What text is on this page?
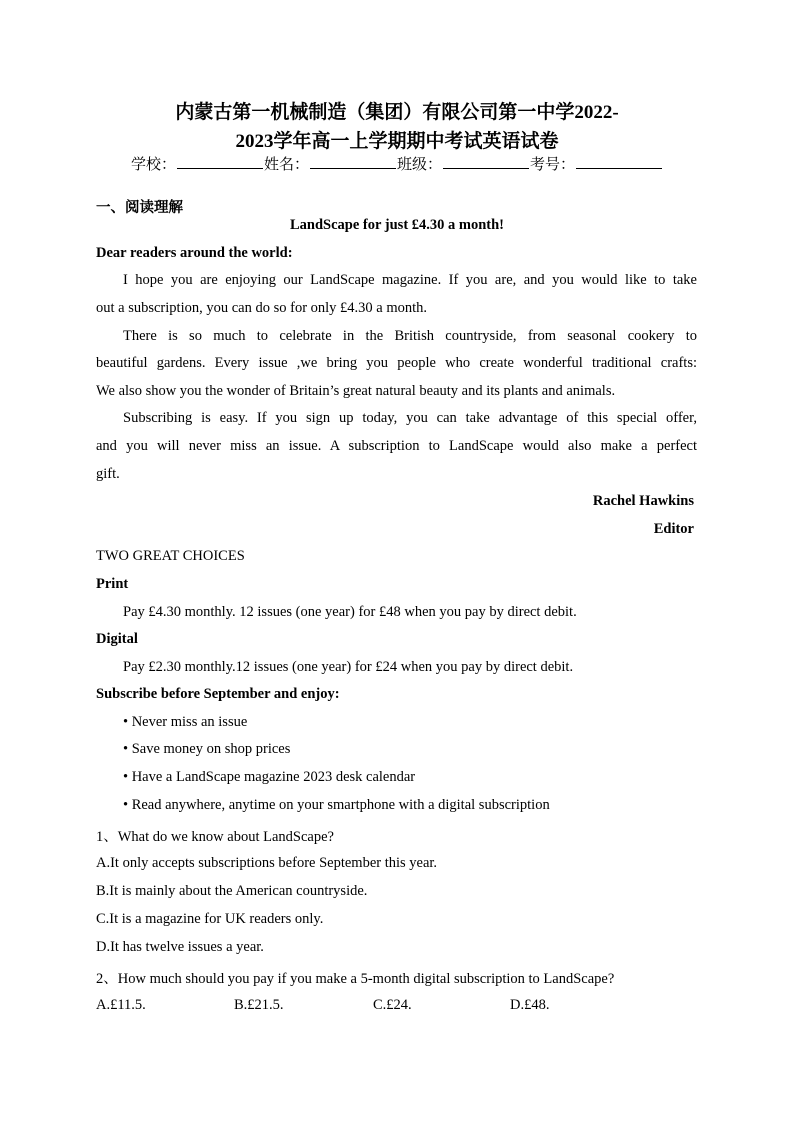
内蒙古第一机械制造（集团）有限公司第一中学2022-
2023学年高一上学期期中考试英语试卷
学校：	姓名：	班级：	考号：
一、阅读理解
LandScape for just £4.30 a month!
Dear readers around the world:
I hope you are enjoying our LandScape magazine. If you are, and you would like to take
out a subscription, you can do so for only £4.30 a month.
There is so much to celebrate in the British countryside, from seasonal cookery to
beautiful gardens. Every issue ,we bring you people who create wonderful traditional crafts:
We also show you the wonder of Britain’s great natural beauty and its plants and animals.
Subscribing is easy. If you sign up today, you can take advantage of this special offer,
and you will never miss an issue. A subscription to LandScape would also make a perfect
gift.
Rachel Hawkins
Editor
TWO GREAT CHOICES
Print
Pay £4.30 monthly. 12 issues (one year) for £48 when you pay by direct debit.
Digital
Pay £2.30 monthly.12 issues (one year) for £24 when you pay by direct debit.
Subscribe before September and enjoy:
• Never miss an issue
• Save money on shop prices
• Have a LandScape magazine 2023 desk calendar
• Read anywhere, anytime on your smartphone with a digital subscription
1、What do we know about LandScape?
A.It only accepts subscriptions before September this year.
B.It is mainly about the American countryside.
C.It is a magazine for UK readers only.
D.It has twelve issues a year.
2、How much should you pay if you make a 5-month digital subscription to LandScape?
A.£11.5.	B.£21.5.	C.£24.	D.£48.
